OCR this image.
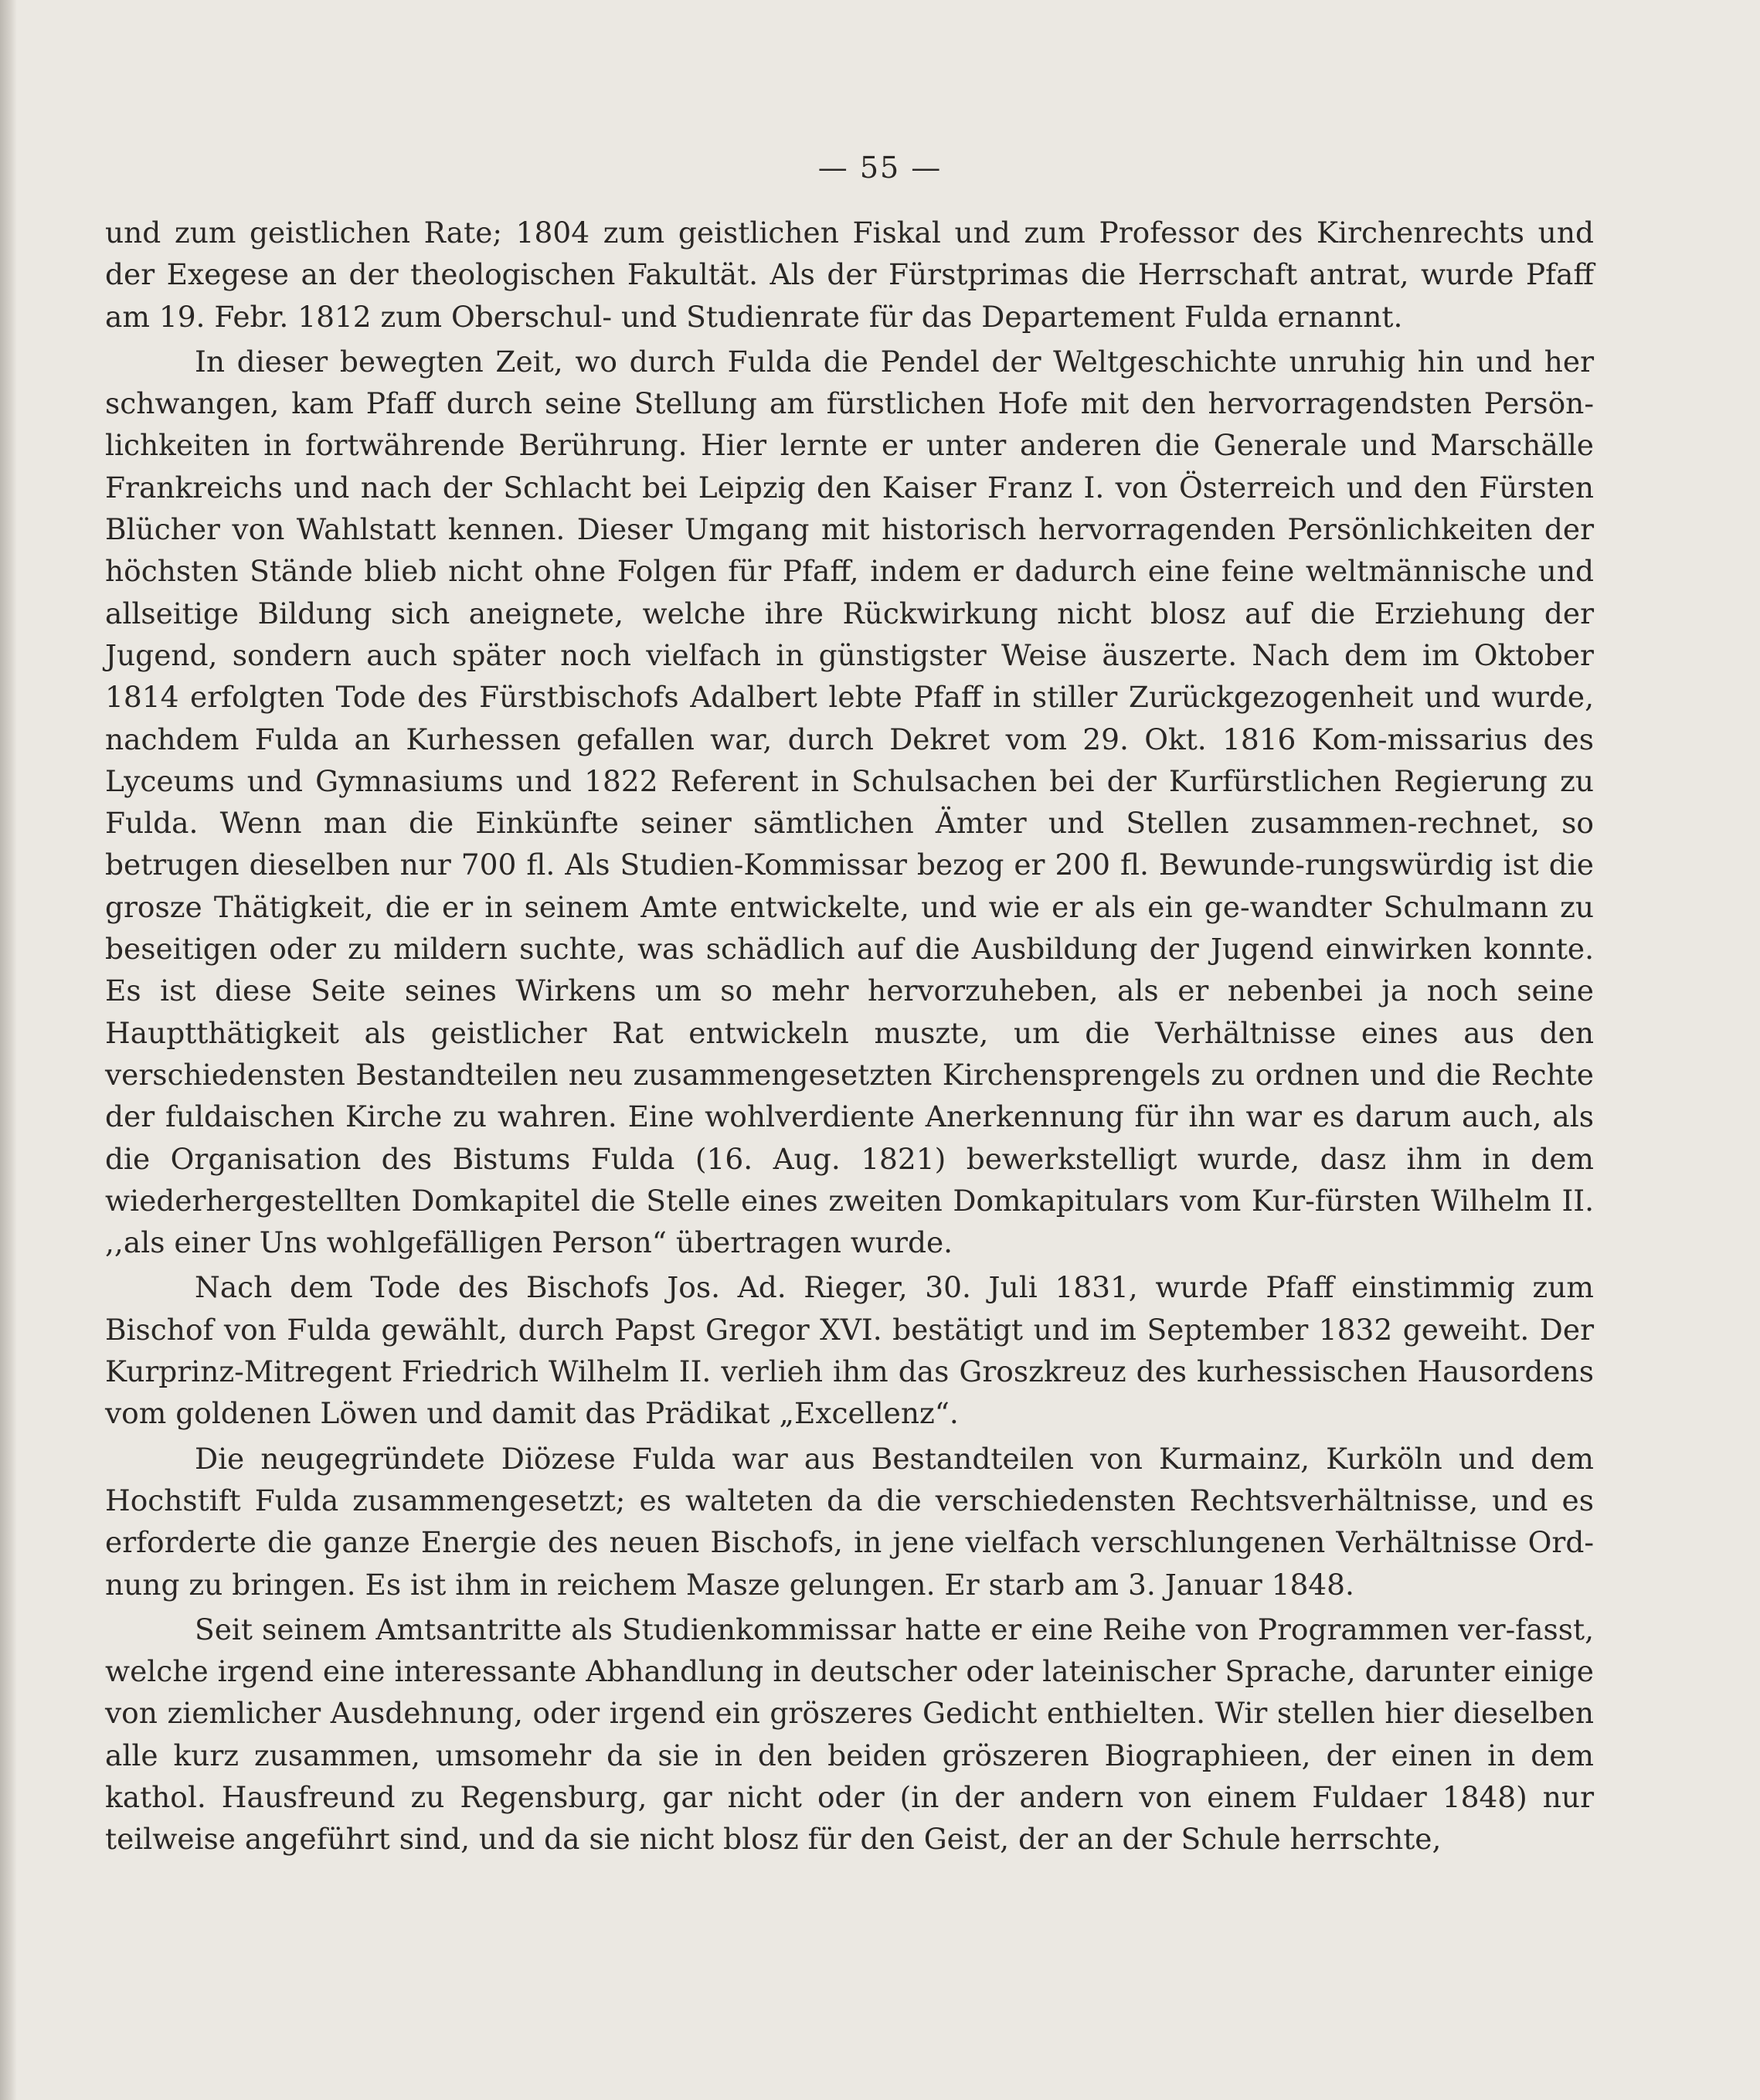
— 55 —

und zum geistlichen Rate; 1804 zum geistlichen Fiskal und zum Professor des Kirchenrechts und der Exegese an der theologischen Fakultät. Als der Fürstprimas die Herrschaft antrat, wurde Pfaff am 19. Febr. 1812 zum Oberschul- und Studienrate für das Departement Fulda ernannt.

In dieser bewegten Zeit, wo durch Fulda die Pendel der Weltgeschichte unruhig hin und her schwangen, kam Pfaff durch seine Stellung am fürstlichen Hofe mit den hervorragendsten Persön-lichkeiten in fortwährende Berührung. Hier lernte er unter anderen die Generale und Marschälle Frankreichs und nach der Schlacht bei Leipzig den Kaiser Franz I. von Österreich und den Fürsten Blücher von Wahlstatt kennen. Dieser Umgang mit historisch hervorragenden Persönlichkeiten der höchsten Stände blieb nicht ohne Folgen für Pfaff, indem er dadurch eine feine weltmännische und allseitige Bildung sich aneignete, welche ihre Rückwirkung nicht blosz auf die Erziehung der Jugend, sondern auch später noch vielfach in günstigster Weise äuszerte. Nach dem im Oktober 1814 erfolgten Tode des Fürstbischofs Adalbert lebte Pfaff in stiller Zurückgezogenheit und wurde, nachdem Fulda an Kurhessen gefallen war, durch Dekret vom 29. Okt. 1816 Kom-missarius des Lyceums und Gymnasiums und 1822 Referent in Schulsachen bei der Kurfürstlichen Regierung zu Fulda. Wenn man die Einkünfte seiner sämtlichen Ämter und Stellen zusammen-rechnet, so betrugen dieselben nur 700 fl. Als Studien-Kommissar bezog er 200 fl. Bewunde-rungswürdig ist die grosze Thätigkeit, die er in seinem Amte entwickelte, und wie er als ein ge-wandter Schulmann zu beseitigen oder zu mildern suchte, was schädlich auf die Ausbildung der Jugend einwirken konnte. Es ist diese Seite seines Wirkens um so mehr hervorzuheben, als er nebenbei ja noch seine Hauptthätigkeit als geistlicher Rat entwickeln muszte, um die Verhältnisse eines aus den verschiedensten Bestandteilen neu zusammengesetzten Kirchensprengels zu ordnen und die Rechte der fuldaischen Kirche zu wahren. Eine wohlverdiente Anerkennung für ihn war es darum auch, als die Organisation des Bistums Fulda (16. Aug. 1821) bewerkstelligt wurde, dasz ihm in dem wiederhergestellten Domkapitel die Stelle eines zweiten Domkapitulars vom Kur-fürsten Wilhelm II. ,,als einer Uns wohlgefälligen Person“ übertragen wurde.

Nach dem Tode des Bischofs Jos. Ad. Rieger, 30. Juli 1831, wurde Pfaff einstimmig zum Bischof von Fulda gewählt, durch Papst Gregor XVI. bestätigt und im September 1832 geweiht. Der Kurprinz-Mitregent Friedrich Wilhelm II. verlieh ihm das Groszkreuz des kurhessischen Hausordens vom goldenen Löwen und damit das Prädikat „Excellenz“.

Die neugegründete Diözese Fulda war aus Bestandteilen von Kurmainz, Kurköln und dem Hochstift Fulda zusammengesetzt; es walteten da die verschiedensten Rechtsverhältnisse, und es erforderte die ganze Energie des neuen Bischofs, in jene vielfach verschlungenen Verhältnisse Ord-nung zu bringen. Es ist ihm in reichem Masze gelungen. Er starb am 3. Januar 1848.

Seit seinem Amtsantritte als Studienkommissar hatte er eine Reihe von Programmen ver-fasst, welche irgend eine interessante Abhandlung in deutscher oder lateinischer Sprache, darunter einige von ziemlicher Ausdehnung, oder irgend ein gröszeres Gedicht enthielten. Wir stellen hier dieselben alle kurz zusammen, umsomehr da sie in den beiden gröszeren Biographieen, der einen in dem kathol. Hausfreund zu Regensburg, gar nicht oder (in der andern von einem Fuldaer 1848) nur teilweise angeführt sind, und da sie nicht blosz für den Geist, der an der Schule herrschte,
